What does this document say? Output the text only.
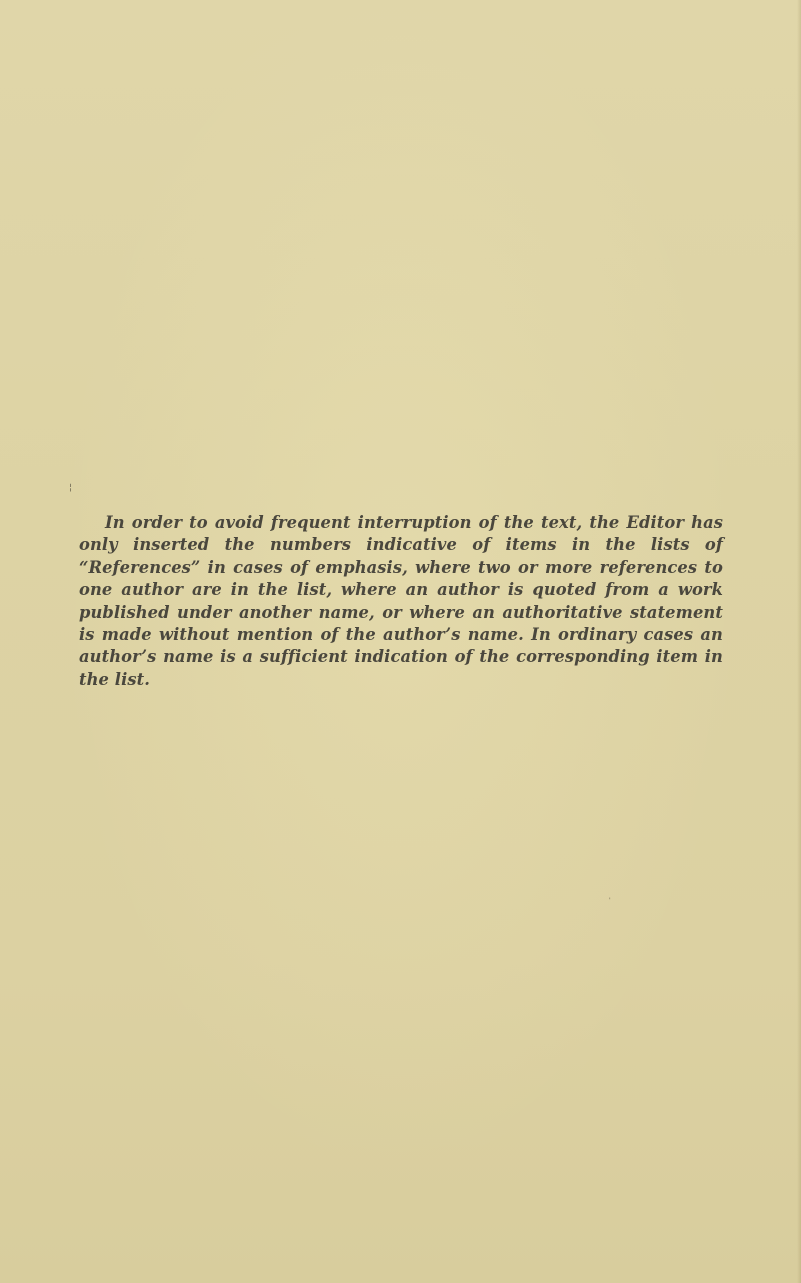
¦

In order to avoid frequent interruption of the text, the Editor has only inserted the numbers indicative of items in the lists of “References” in cases of emphasis, where two or more references to one author are in the list, where an author is quoted from a work published under another name, or where an authoritative statement is made without mention of the author’s name. In ordinary cases an author’s name is a sufficient indication of the corresponding item in the list.

'
